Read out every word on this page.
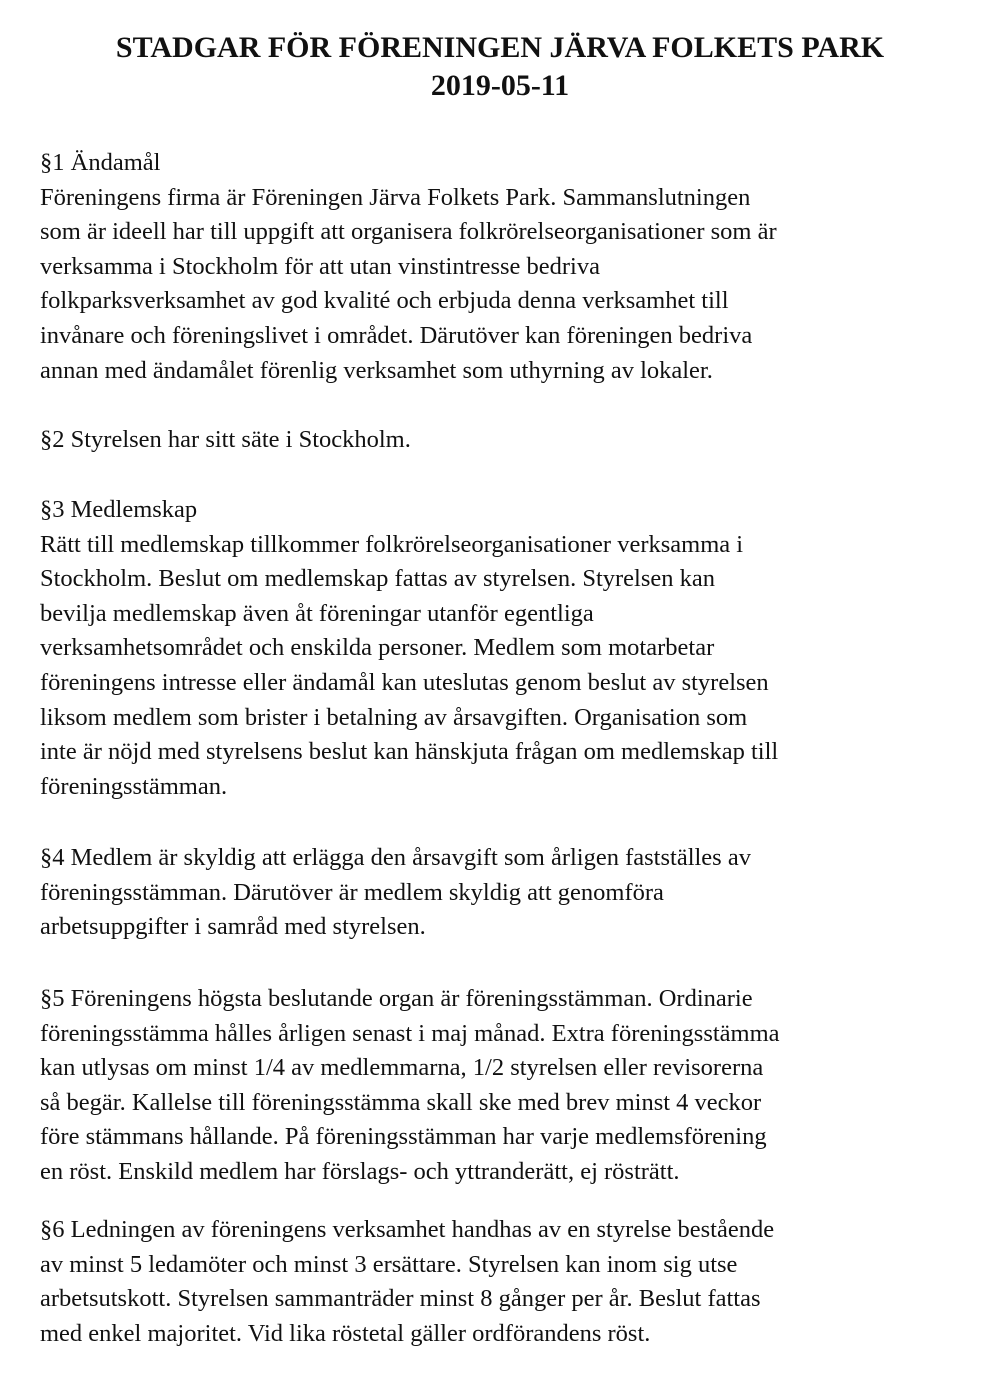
STADGAR FÖR FÖRENINGEN JÄRVA FOLKETS PARK
2019-05-11
§1 Ändamål
Föreningens firma är Föreningen Järva Folkets Park. Sammanslutningen
som är ideell har till uppgift att organisera folkrörelseorganisationer som är
verksamma i Stockholm för att utan vinstintresse bedriva
folkparksverksamhet av god kvalité och erbjuda denna verksamhet till
invånare och föreningslivet i området. Därutöver kan föreningen bedriva
annan med ändamålet förenlig verksamhet som uthyrning av lokaler.
§2 Styrelsen har sitt säte i Stockholm.
§3 Medlemskap
Rätt till medlemskap tillkommer folkrörelseorganisationer verksamma i
Stockholm. Beslut om medlemskap fattas av styrelsen. Styrelsen kan
bevilja medlemskap även åt föreningar utanför egentliga
verksamhetsområdet och enskilda personer. Medlem som motarbetar
föreningens intresse eller ändamål kan uteslutas genom beslut av styrelsen
liksom medlem som brister i betalning av årsavgiften. Organisation som
inte är nöjd med styrelsens beslut kan hänskjuta frågan om medlemskap till
föreningsstämman.
§4 Medlem är skyldig att erlägga den årsavgift som årligen fastställes av
föreningsstämman. Därutöver är medlem skyldig att genomföra
arbetsuppgifter i samråd med styrelsen.
§5 Föreningens högsta beslutande organ är föreningsstämman. Ordinarie
föreningsstämma hålles årligen senast i maj månad. Extra föreningsstämma
kan utlysas om minst 1/4 av medlemmarna, 1/2 styrelsen eller revisorerna
så begär. Kallelse till föreningsstämma skall ske med brev minst 4 veckor
före stämmans hållande. På föreningsstämman har varje medlemsförening
en röst. Enskild medlem har förslags- och yttranderätt, ej rösträtt.
§6 Ledningen av föreningens verksamhet handhas av en styrelse bestående
av minst 5 ledamöter och minst 3 ersättare. Styrelsen kan inom sig utse
arbetsutskott. Styrelsen sammanträder minst 8 gånger per år. Beslut fattas
med enkel majoritet. Vid lika röstetal gäller ordförandens röst.
